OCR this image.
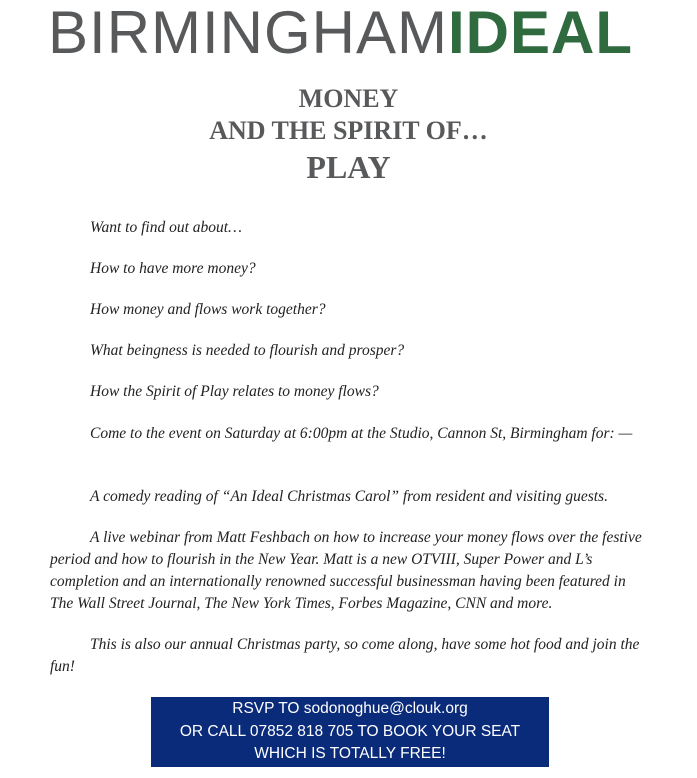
BIRMINGHAMIDEAL
MONEY
AND THE SPIRIT OF…
PLAY

Want to find out about…

How to have more money?

How money and flows work together?

What beingness is needed to flourish and prosper?

How the Spirit of Play relates to money flows?

Come to the event on Saturday at 6:00pm at the Studio, Cannon St, Birmingham for: —

A comedy reading of “An Ideal Christmas Carol” from resident and visiting guests.

A live webinar from Matt Feshbach on how to increase your money flows over the festive period and how to flourish in the New Year. Matt is a new OTVIII, Super Power and L’s completion and an internationally renowned successful businessman having been featured in The Wall Street Journal, The New York Times, Forbes Magazine, CNN and more.

This is also our annual Christmas party, so come along, have some hot food and join the fun!

RSVP TO sodonoghue@clouk.org
OR CALL 07852 818 705 TO BOOK YOUR SEAT
WHICH IS TOTALLY FREE!
